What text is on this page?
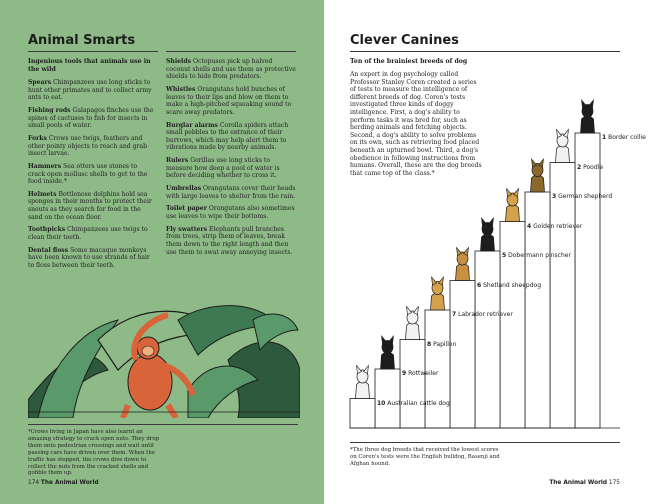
Animal Smarts
Ingenious tools that animals use in the wild
Spears Chimpanzees use long sticks to hunt other primates and to collect army ants to eat.
Fishing rods Galapagos finches use the spines of cactuses to fish for insects in small pools of water.
Forks Crows use twigs, feathers and other pointy objects to reach and grab insect larvae.
Hammers Sea otters use stones to crack open mollusc shells to get to the food inside.*
Helmets Bottlenose dolphins hold sea sponges in their mouths to protect their snouts as they search for food in the sand on the ocean floor.
Toothpicks Chimpanzees use twigs to clean their teeth.
Dental floss Some macaque monkeys have been known to use strands of hair to floss between their teeth.
Shields Octopuses pick up halved coconut shells and use them as protective shields to hide from predators.
Whistles Orangutans hold bunches of leaves to their lips and blow on them to make a high-pitched squeaking sound to scare away predators.
Burglar alarms Corolla spiders attach small pebbles to the entrance of their burrows, which may help alert them to vibrations made by nearby animals.
Rulers Gorillas use long sticks to measure how deep a pool of water is before deciding whether to cross it.
Umbrellas Orangutans cover their heads with large leaves to shelter from the rain.
Toilet paper Orangutans also sometimes use leaves to wipe their bottoms.
Fly swatters Elephants pull branches from trees, strip them of leaves, break them down to the right length and then use them to swat away annoying insects.
*Crows living in Japan have also learnt an amazing strategy to crack open nuts. They drop them onto pedestrian crossings and wait until passing cars have driven over them. When the traffic has stopped, the crows dive down to collect the nuts from the cracked shells and gobble them up.
174 The Animal World
Clever Canines
Ten of the brainiest breeds of dog
An expert in dog psychology called Professor Stanley Coren created a series of tests to measure the intelligence of different breeds of dog. Coren's tests investigated three kinds of doggy intelligence. First, a dog's ability to perform tasks it was bred for, such as herding animals and fetching objects. Second, a dog's ability to solve problems on its own, such as retrieving food placed beneath an upturned bowl. Third, a dog's obedience in following instructions from humans. Overall, these are the dog breeds that came top of the class.*
1 Border collie
2 Poodle
3 German shepherd
4 Golden retriever
5 Dobermann pinscher
6 Shetland sheepdog
7 Labrador retriever
8 Papillon
9 Rottweiler
10 Australian cattle dog
*The three dog breeds that received the lowest scores on Coren's tests were the English bulldog, Basenji and Afghan hound.
The Animal World 175
